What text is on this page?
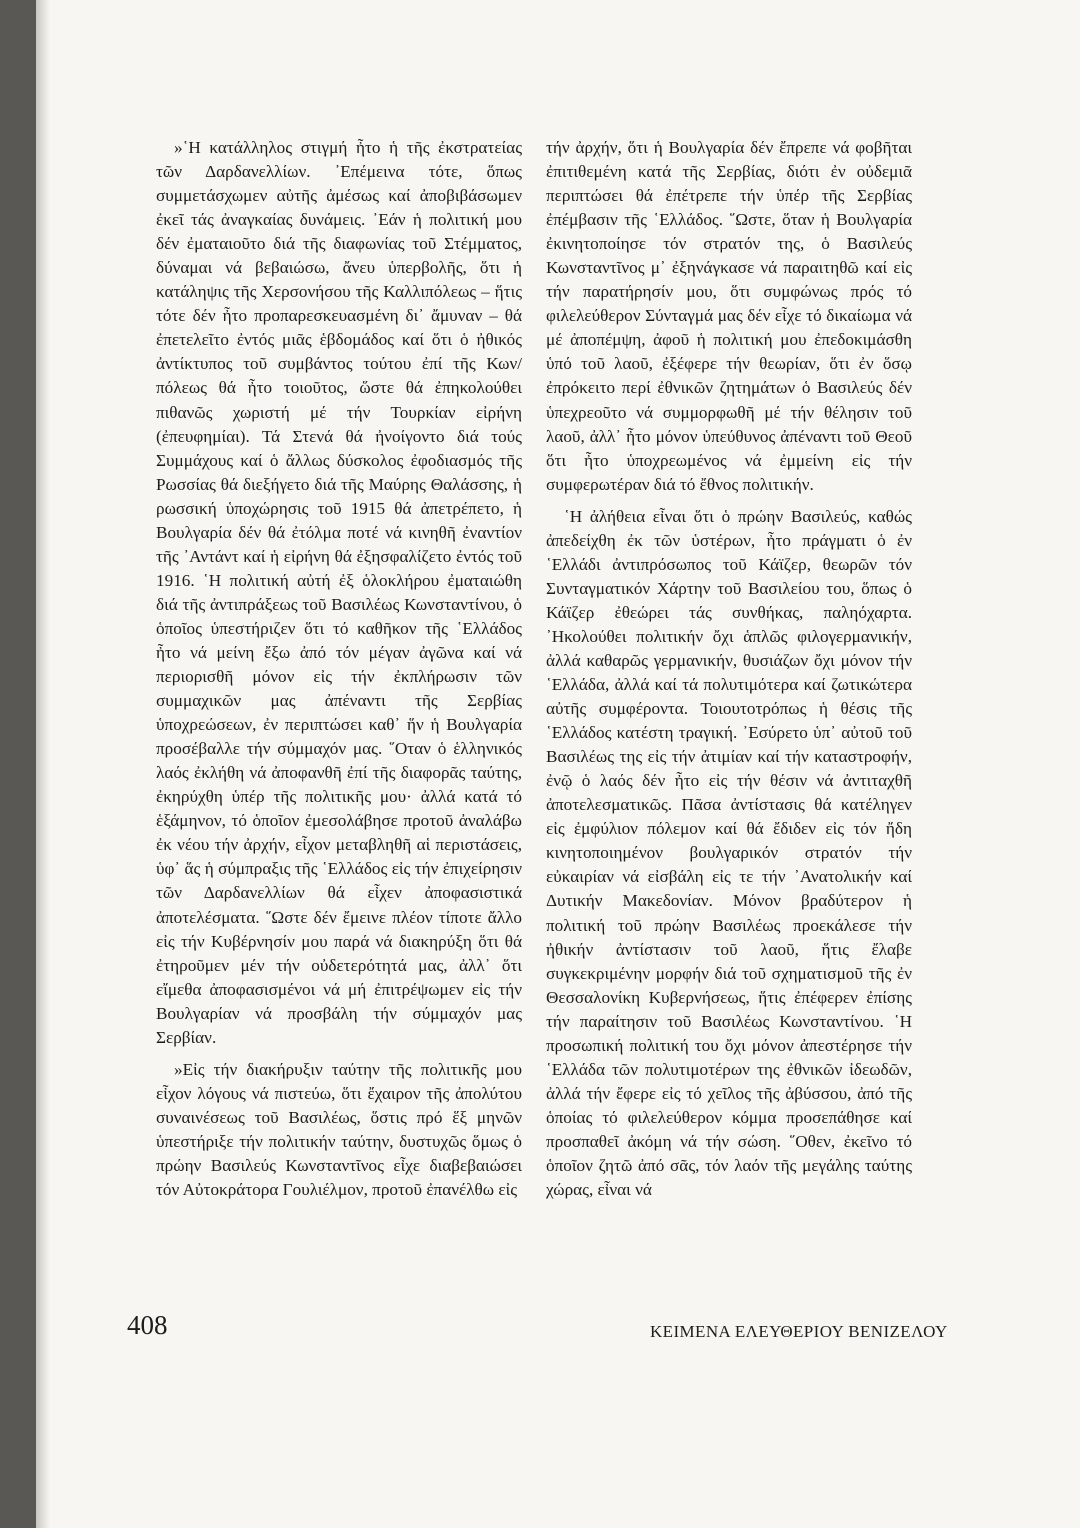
»῾Η κατάλληλος στιγμή ἦτο ἡ τῆς ἐκστρατείας τῶν Δαρδανελλίων. ᾿Επέμεινα τότε, ὅπως συμμετάσχωμεν αὐτῆς ἀμέσως καί ἀποβιβάσωμεν ἐκεῖ τάς ἀναγκαίας δυνάμεις. ᾿Εάν ἡ πολιτική μου δέν ἐματαιοῦτο διά τῆς διαφωνίας τοῦ Στέμματος, δύναμαι νά βεβαιώσω, ἄνευ ὑπερβολῆς, ὅτι ἡ κατάληψις τῆς Χερσονήσου τῆς Καλλιπόλεως – ἥτις τότε δέν ἦτο προπαρεσκευασμένη δι᾿ ἄμυναν – θά ἐπετελεῖτο ἐντός μιᾶς ἑβδομάδος καί ὅτι ὁ ἠθικός ἀντίκτυπος τοῦ συμβάντος τούτου ἐπί τῆς Κων/πόλεως θά ἦτο τοιοῦτος, ὥστε θά ἐπηκολούθει πιθανῶς χωριστή μέ τήν Τουρκίαν εἰρήνη (ἐπευφημίαι). Τά Στενά θά ἠνοίγοντο διά τούς Συμμάχους καί ὁ ἄλλως δύσκολος ἐφοδιασμός τῆς Ρωσσίας θά διεξήγετο διά τῆς Μαύρης Θαλάσσης, ἡ ρωσσική ὑποχώρησις τοῦ 1915 θά ἀπετρέπετο, ἡ Βουλγαρία δέν θά ἐτόλμα ποτέ νά κινηθῆ ἐναντίον τῆς ᾿Αντάντ καί ἡ εἰρήνη θά ἐξησφαλίζετο ἐντός τοῦ 1916. ῾Η πολιτική αὐτή ἐξ ὁλοκλήρου ἐματαιώθη διά τῆς ἀντιπράξεως τοῦ Βασιλέως Κωνσταντίνου, ὁ ὁποῖος ὑπεστήριζεν ὅτι τό καθῆκον τῆς ῾Ελλάδος ἦτο νά μείνη ἔξω ἀπό τόν μέγαν ἀγῶνα καί νά περιορισθῆ μόνον εἰς τήν ἐκπλήρωσιν τῶν συμμαχικῶν μας ἀπέναντι τῆς Σερβίας ὑποχρεώσεων, ἐν περιπτώσει καθ᾿ ἥν ἡ Βουλγαρία προσέβαλλε τήν σύμμαχόν μας. ῞Οταν ὁ ἑλληνικός λαός ἐκλήθη νά ἀποφανθῆ ἐπί τῆς διαφορᾶς ταύτης, ἐκηρύχθη ὑπέρ τῆς πολιτικῆς μου· ἀλλά κατά τό ἑξάμηνον, τό ὁποῖον ἐμεσολάβησε προτοῦ ἀναλάβω ἐκ νέου τήν ἀρχήν, εἶχον μεταβληθῆ αἱ περιστάσεις, ὑφ᾿ ἅς ἡ σύμπραξις τῆς ῾Ελλάδος εἰς τήν ἐπιχείρησιν τῶν Δαρδανελλίων θά εἶχεν ἀποφασιστικά ἀποτελέσματα. ῞Ωστε δέν ἔμεινε πλέον τίποτε ἄλλο εἰς τήν Κυβέρνησίν μου παρά νά διακηρύξη ὅτι θά ἐτηροῦμεν μέν τήν οὐδετερότητά μας, ἀλλ᾿ ὅτι εἴμεθα ἀποφασισμένοι νά μή ἐπιτρέψωμεν εἰς τήν Βουλγαρίαν νά προσβάλη τήν σύμμαχόν μας Σερβίαν.

»Εἰς τήν διακήρυξιν ταύτην τῆς πολιτικῆς μου εἶχον λόγους νά πιστεύω, ὅτι ἔχαιρον τῆς ἀπολύτου συναινέσεως τοῦ Βασιλέως, ὅστις πρό ἕξ μηνῶν ὑπεστήριξε τήν πολιτικήν ταύτην, δυστυχῶς ὅμως ὁ πρώην Βασιλεύς Κωνσταντῖνος εἶχε διαβεβαιώσει τόν Αὐτοκράτορα Γουλιέλμον, προτοῦ ἐπανέλθω εἰς

τήν ἀρχήν, ὅτι ἡ Βουλγαρία δέν ἔπρεπε νά φοβῆται ἐπιτιθεμένη κατά τῆς Σερβίας, διότι ἐν οὐδεμιᾶ περιπτώσει θά ἐπέτρεπε τήν ὑπέρ τῆς Σερβίας ἐπέμβασιν τῆς ῾Ελλάδος. ῞Ωστε, ὅταν ἡ Βουλγαρία ἐκινητοποίησε τόν στρατόν της, ὁ Βασιλεύς Κωνσταντῖνος μ᾿ ἐξηνάγκασε νά παραιτηθῶ καί εἰς τήν παρατήρησίν μου, ὅτι συμφώνως πρός τό φιλελεύθερον Σύνταγμά μας δέν εἶχε τό δικαίωμα νά μέ ἀποπέμψη, ἀφοῦ ἡ πολιτική μου ἐπεδοκιμάσθη ὑπό τοῦ λαοῦ, ἐξέφερε τήν θεωρίαν, ὅτι ἐν ὅσῳ ἐπρόκειτο περί ἐθνικῶν ζητημάτων ὁ Βασιλεύς δέν ὑπεχρεοῦτο νά συμμορφωθῆ μέ τήν θέλησιν τοῦ λαοῦ, ἀλλ᾿ ἦτο μόνον ὑπεύθυνος ἀπέναντι τοῦ Θεοῦ ὅτι ἦτο ὑποχρεωμένος νά ἐμμείνη εἰς τήν συμφερωτέραν διά τό ἔθνος πολιτικήν.

῾Η ἀλήθεια εἶναι ὅτι ὁ πρώην Βασιλεύς, καθώς ἀπεδείχθη ἐκ τῶν ὑστέρων, ἦτο πράγματι ὁ ἐν ῾Ελλάδι ἀντιπρόσωπος τοῦ Κάϊζερ, θεωρῶν τόν Συνταγματικόν Χάρτην τοῦ Βασιλείου του, ὅπως ὁ Κάϊζερ ἐθεώρει τάς συνθήκας, παληόχαρτα. ᾿Ηκολούθει πολιτικήν ὄχι ἁπλῶς φιλογερμανικήν, ἀλλά καθαρῶς γερμανικήν, θυσιάζων ὄχι μόνον τήν ῾Ελλάδα, ἀλλά καί τά πολυτιμότερα καί ζωτικώτερα αὐτῆς συμφέροντα. Τοιουτοτρόπως ἡ θέσις τῆς ῾Ελλάδος κατέστη τραγική. ᾿Εσύρετο ὑπ᾿ αὐτοῦ τοῦ Βασιλέως της εἰς τήν ἀτιμίαν καί τήν καταστροφήν, ἐνῷ ὁ λαός δέν ἦτο εἰς τήν θέσιν νά ἀντιταχθῆ ἀποτελεσματικῶς. Πᾶσα ἀντίστασις θά κατέληγεν εἰς ἐμφύλιον πόλεμον καί θά ἔδιδεν εἰς τόν ἤδη κινητοποιημένον βουλγαρικόν στρατόν τήν εὐκαιρίαν νά εἰσβάλη εἰς τε τήν ᾿Ανατολικήν καί Δυτικήν Μακεδονίαν. Μόνον βραδύτερον ἡ πολιτική τοῦ πρώην Βασιλέως προεκάλεσε τήν ἠθικήν ἀντίστασιν τοῦ λαοῦ, ἥτις ἔλαβε συγκεκριμένην μορφήν διά τοῦ σχηματισμοῦ τῆς ἐν Θεσσαλονίκη Κυβερνήσεως, ἥτις ἐπέφερεν ἐπίσης τήν παραίτησιν τοῦ Βασιλέως Κωνσταντίνου. ῾Η προσωπική πολιτική του ὄχι μόνον ἀπεστέρησε τήν ῾Ελλάδα τῶν πολυτιμοτέρων της ἐθνικῶν ἰδεωδῶν, ἀλλά τήν ἔφερε εἰς τό χεῖλος τῆς ἀβύσσου, ἀπό τῆς ὁποίας τό φιλελεύθερον κόμμα προσεπάθησε καί προσπαθεῖ ἀκόμη νά τήν σώση. ῞Οθεν, ἐκεῖνο τό ὁποῖον ζητῶ ἀπό σᾶς, τόν λαόν τῆς μεγάλης ταύτης χώρας, εἶναι νά

408	ΚΕΙΜΕΝΑ ΕΛΕΥΘΕΡΙΟΥ ΒΕΝΙΖΕΛΟΥ
